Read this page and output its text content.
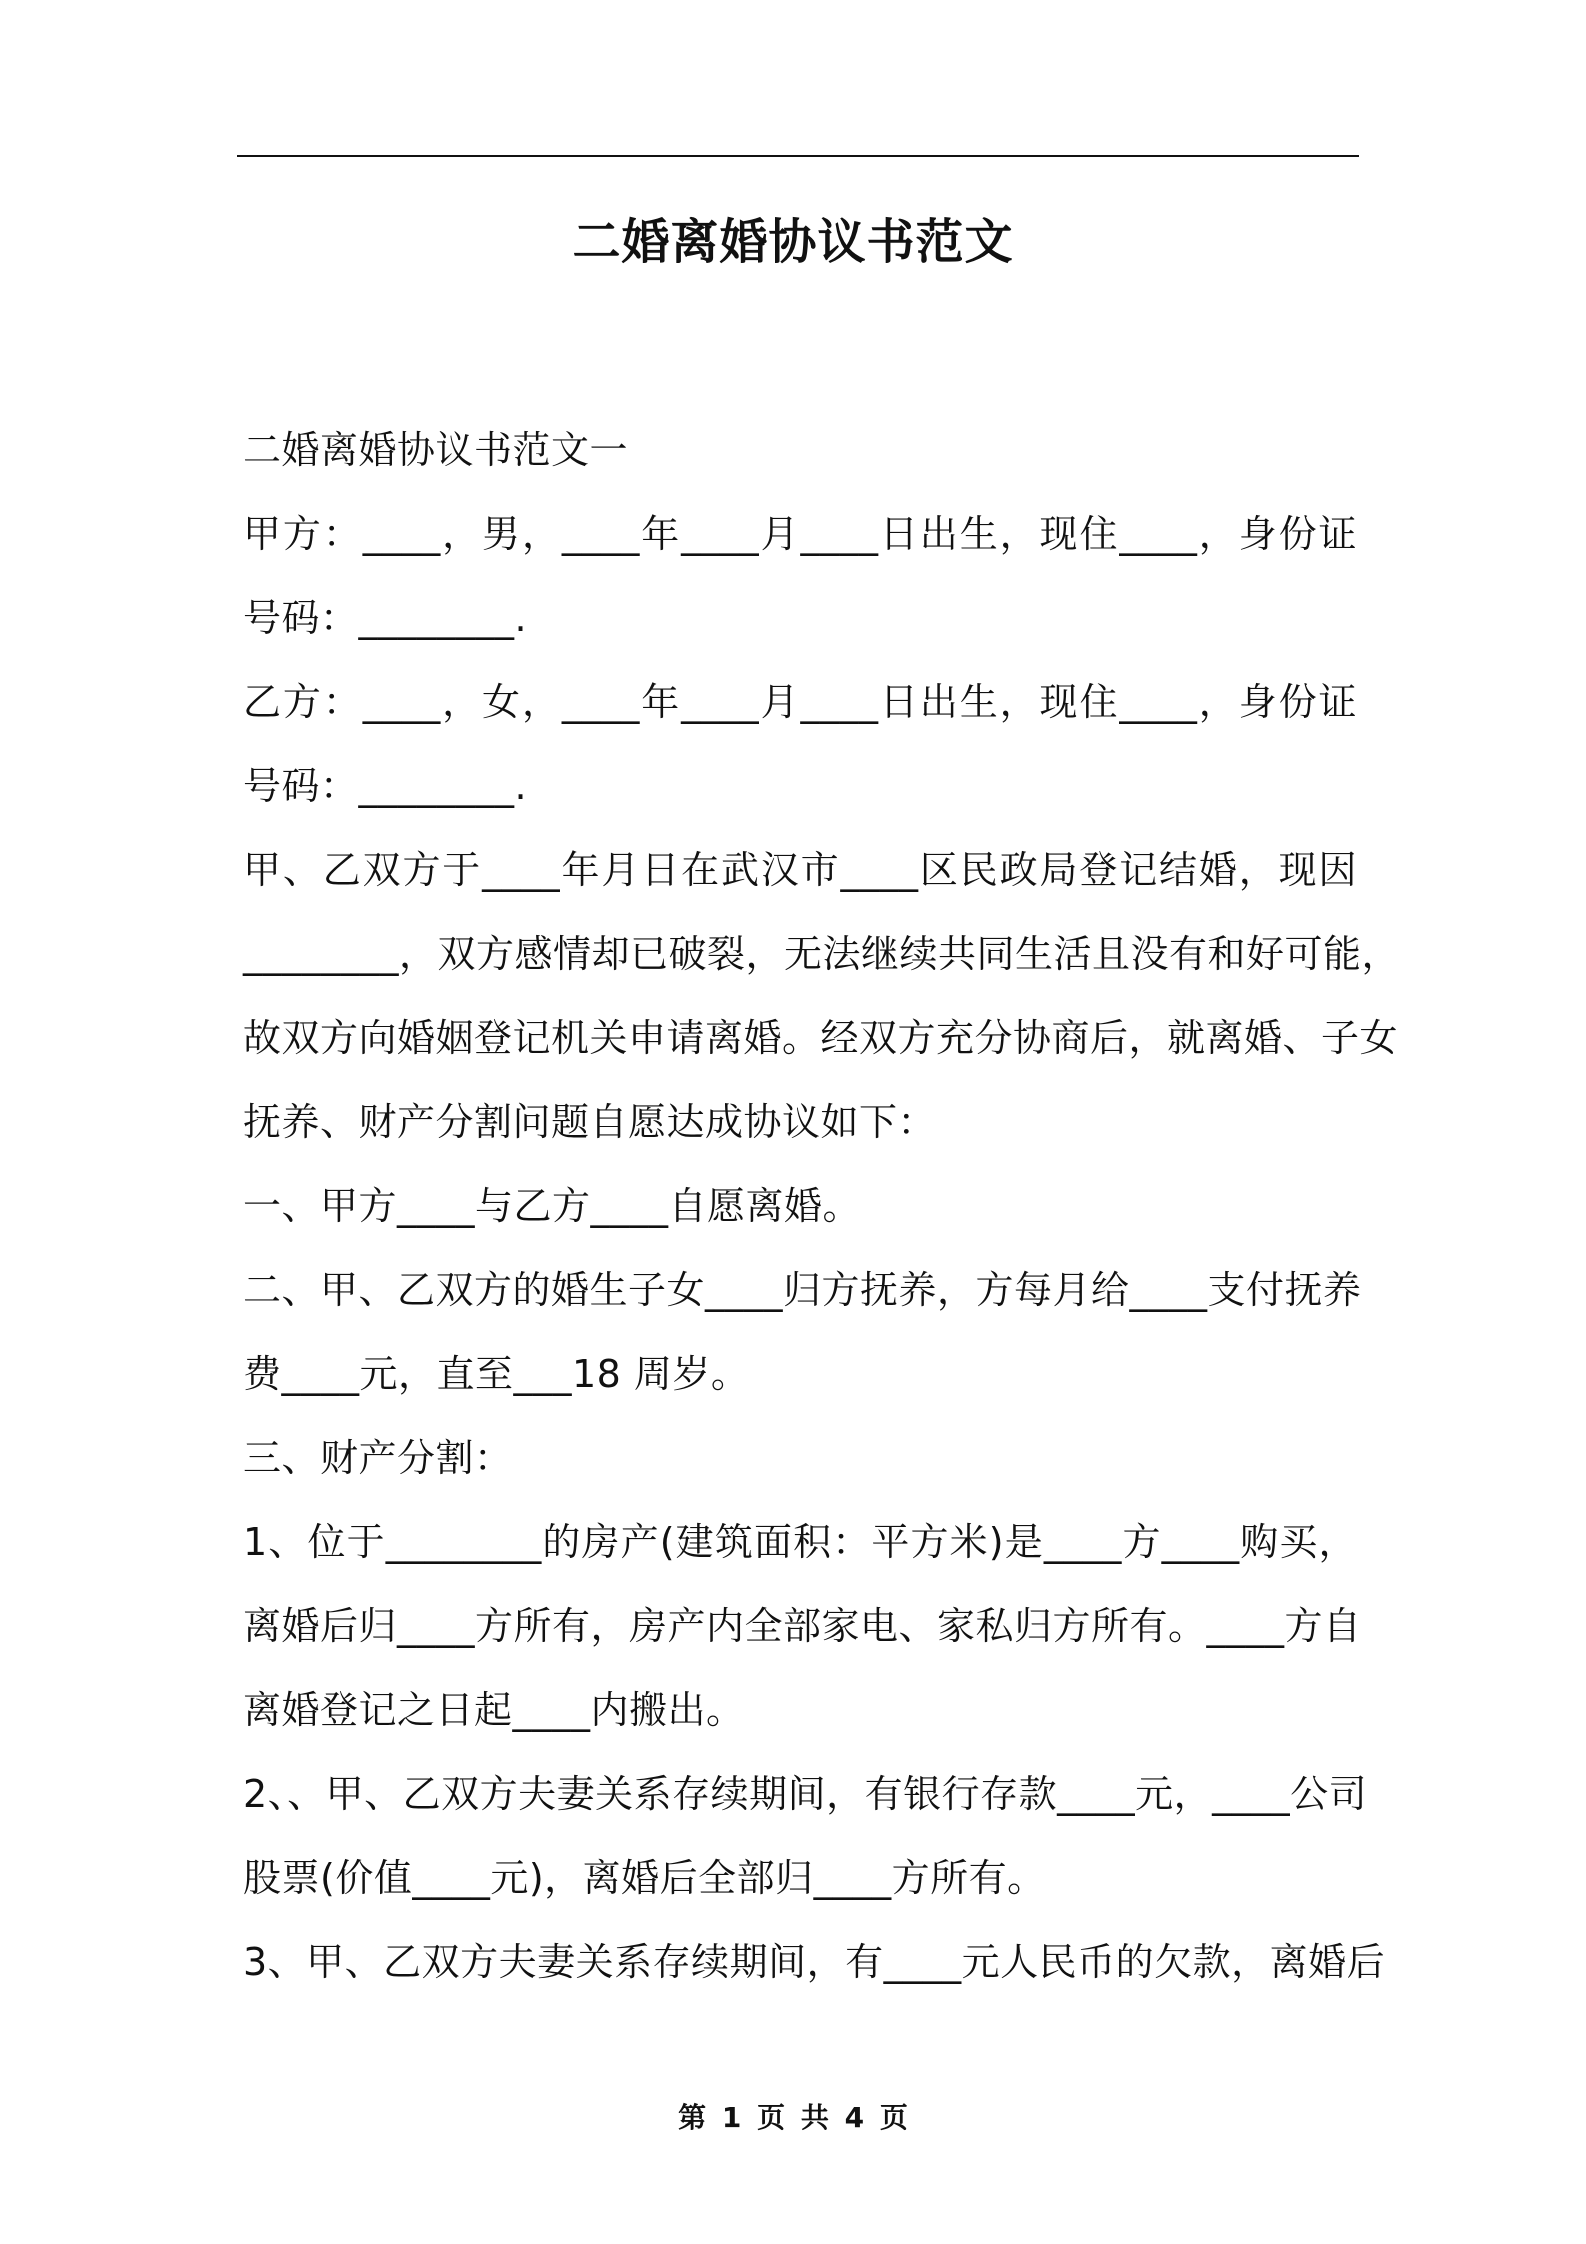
二婚离婚协议书范文
二婚离婚协议书范文一
甲方：____，男，____年____月____日出生，现住____，身份证
号码：________.
乙方：____，女，____年____月____日出生，现住____，身份证
号码：________.
甲、乙双方于____年月日在武汉市____区民政局登记结婚，现因
________，双方感情却已破裂，无法继续共同生活且没有和好可能，
故双方向婚姻登记机关申请离婚。经双方充分协商后，就离婚、子女
抚养、财产分割问题自愿达成协议如下：
一、甲方____与乙方____自愿离婚。
二、甲、乙双方的婚生子女____归方抚养，方每月给____支付抚养
费____元，直至___18 周岁。
三、财产分割：
1、位于________的房产(建筑面积：平方米)是____方____购买，
离婚后归____方所有，房产内全部家电、家私归方所有。____方自
离婚登记之日起____内搬出。
2、、甲、乙双方夫妻关系存续期间，有银行存款____元，____公司
股票(价值____元)，离婚后全部归____方所有。
3、甲、乙双方夫妻关系存续期间，有____元人民币的欠款，离婚后
第 1 页 共 4 页
